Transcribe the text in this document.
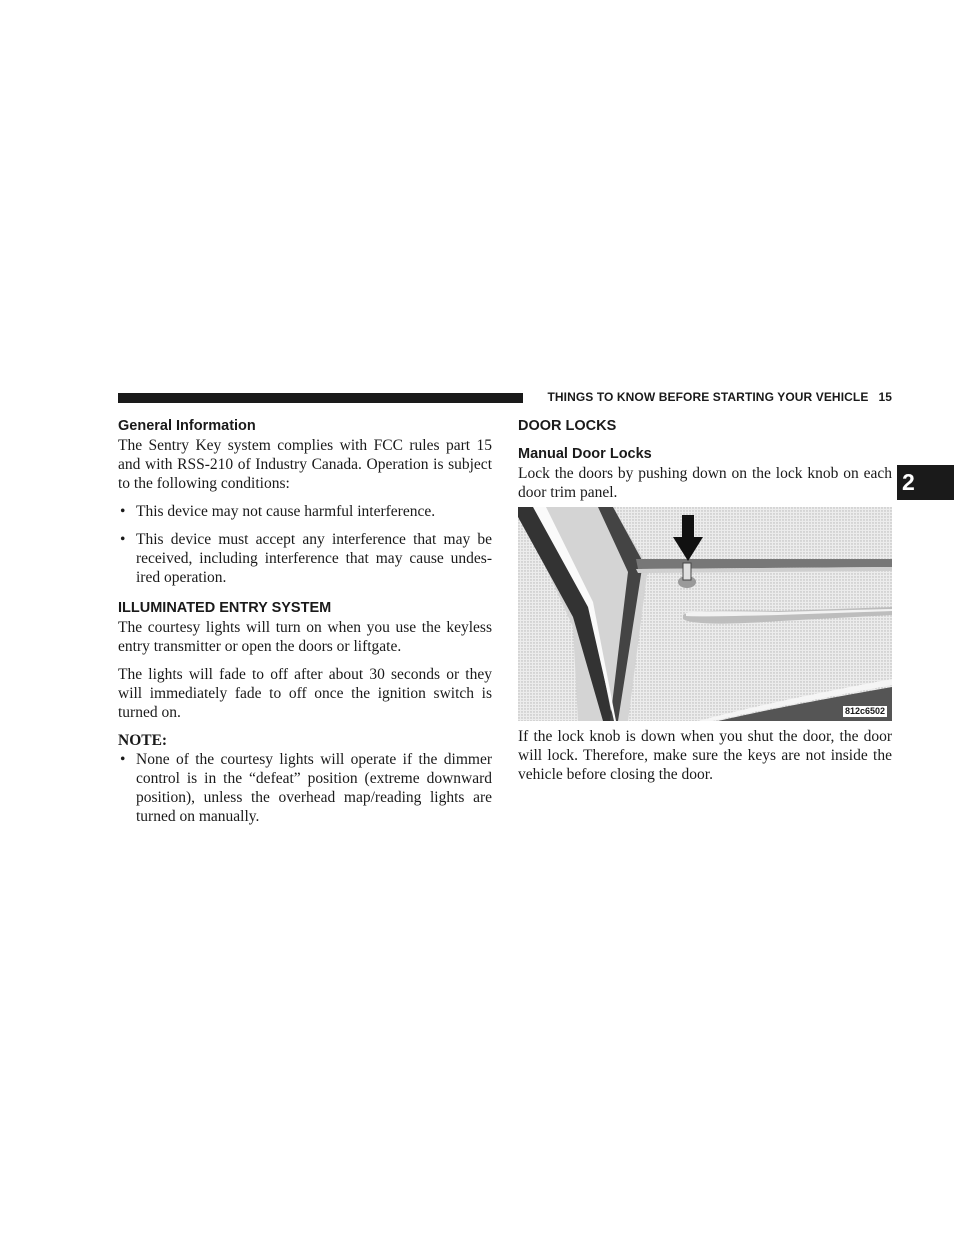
THINGS TO KNOW BEFORE STARTING YOUR VEHICLE 15
2
General Information

The Sentry Key system complies with FCC rules part 15 and with RSS-210 of Industry Canada. Operation is subject to the following conditions:

• This device may not cause harmful interference.
• This device must accept any interference that may be received, including interference that may cause undes- ired operation.
ILLUMINATED ENTRY SYSTEM

The courtesy lights will turn on when you use the keyless entry transmitter or open the doors or liftgate.

The lights will fade to off after about 30 seconds or they will immediately fade to off once the ignition switch is turned on.

NOTE:

• None of the courtesy lights will operate if the dimmer control is in the “defeat” position (extreme downward position), unless the overhead map/reading lights are turned on manually.
DOOR LOCKS
Manual Door Locks

Lock the doors by pushing down on the lock knob on each door trim panel.

812c6502

If the lock knob is down when you shut the door, the door will lock. Therefore, make sure the keys are not inside the vehicle before closing the door.
